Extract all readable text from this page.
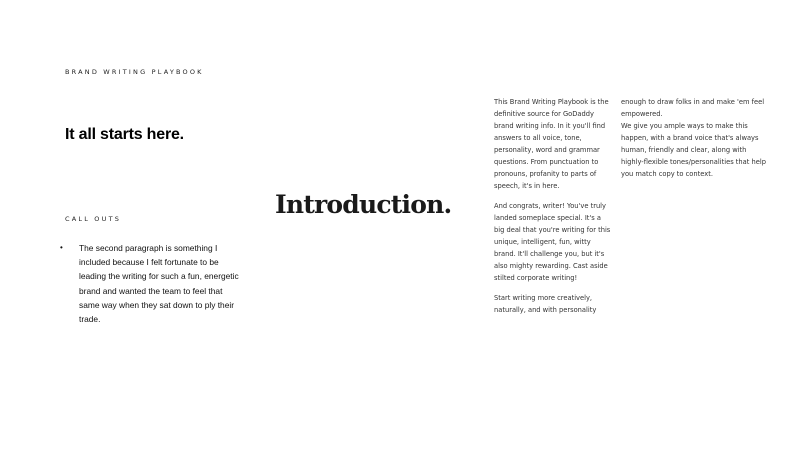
BRAND WRITING PLAYBOOK
It all starts here.
CALL OUTS
• The second paragraph is something I included because I felt fortunate to be leading the writing for such a fun, energetic brand and wanted the team to feel that same way when they sat down to ply their trade.
Introduction.

This Brand Writing Playbook is the definitive source for GoDaddy brand writing info. In it you'll find answers to all voice, tone, personality, word and grammar questions. From punctuation to pronouns, profanity to parts of speech, it's in here.

And congrats, writer! You've truly landed someplace special. It's a big deal that you're writing for this unique, intelligent, fun, witty brand. It'll challenge you, but it's also mighty rewarding. Cast aside stilted corporate writing!

Start writing more creatively, naturally, and with personality

enough to draw folks in and make 'em feel empowered.
We give you ample ways to make this happen, with a brand voice that's always human, friendly and clear, along with highly-flexible tones/personalities that help you match copy to context.
